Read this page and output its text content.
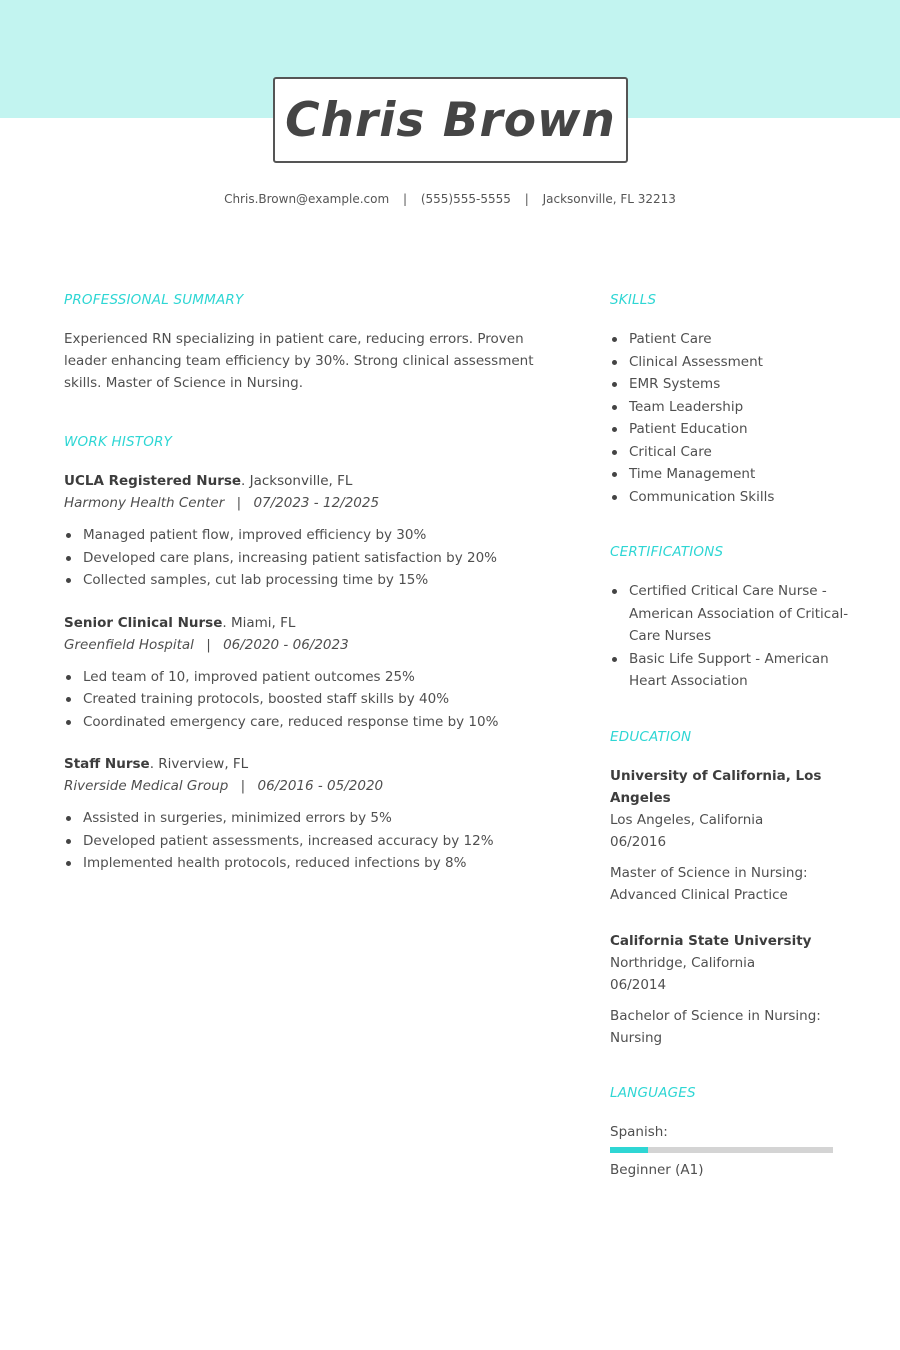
Chris Brown
Chris.Brown@example.com | (555)555-5555 | Jacksonville, FL 32213
PROFESSIONAL SUMMARY

Experienced RN specializing in patient care, reducing errors. Proven leader enhancing team efficiency by 30%. Strong clinical assessment skills. Master of Science in Nursing.

WORK HISTORY
UCLA Registered Nurse. Jacksonville, FL
Harmony Health Center | 07/2023 - 12/2025
Managed patient flow, improved efficiency by 30%
Developed care plans, increasing patient satisfaction by 20%
Collected samples, cut lab processing time by 15%
Senior Clinical Nurse. Miami, FL
Greenfield Hospital | 06/2020 - 06/2023
Led team of 10, improved patient outcomes 25%
Created training protocols, boosted staff skills by 40%
Coordinated emergency care, reduced response time by 10%
Staff Nurse. Riverview, FL
Riverside Medical Group | 06/2016 - 05/2020
Assisted in surgeries, minimized errors by 5%
Developed patient assessments, increased accuracy by 12%
Implemented health protocols, reduced infections by 8%
SKILLS
Patient Care
Clinical Assessment
EMR Systems
Team Leadership
Patient Education
Critical Care
Time Management
Communication Skills
CERTIFICATIONS
Certified Critical Care Nurse - American Association of Critical-Care Nurses
Basic Life Support - American Heart Association
EDUCATION
University of California, Los Angeles
Los Angeles, California
06/2016
Master of Science in Nursing: Advanced Clinical Practice
California State University
Northridge, California
06/2014
Bachelor of Science in Nursing: Nursing
LANGUAGES
Spanish:
Beginner (A1)
